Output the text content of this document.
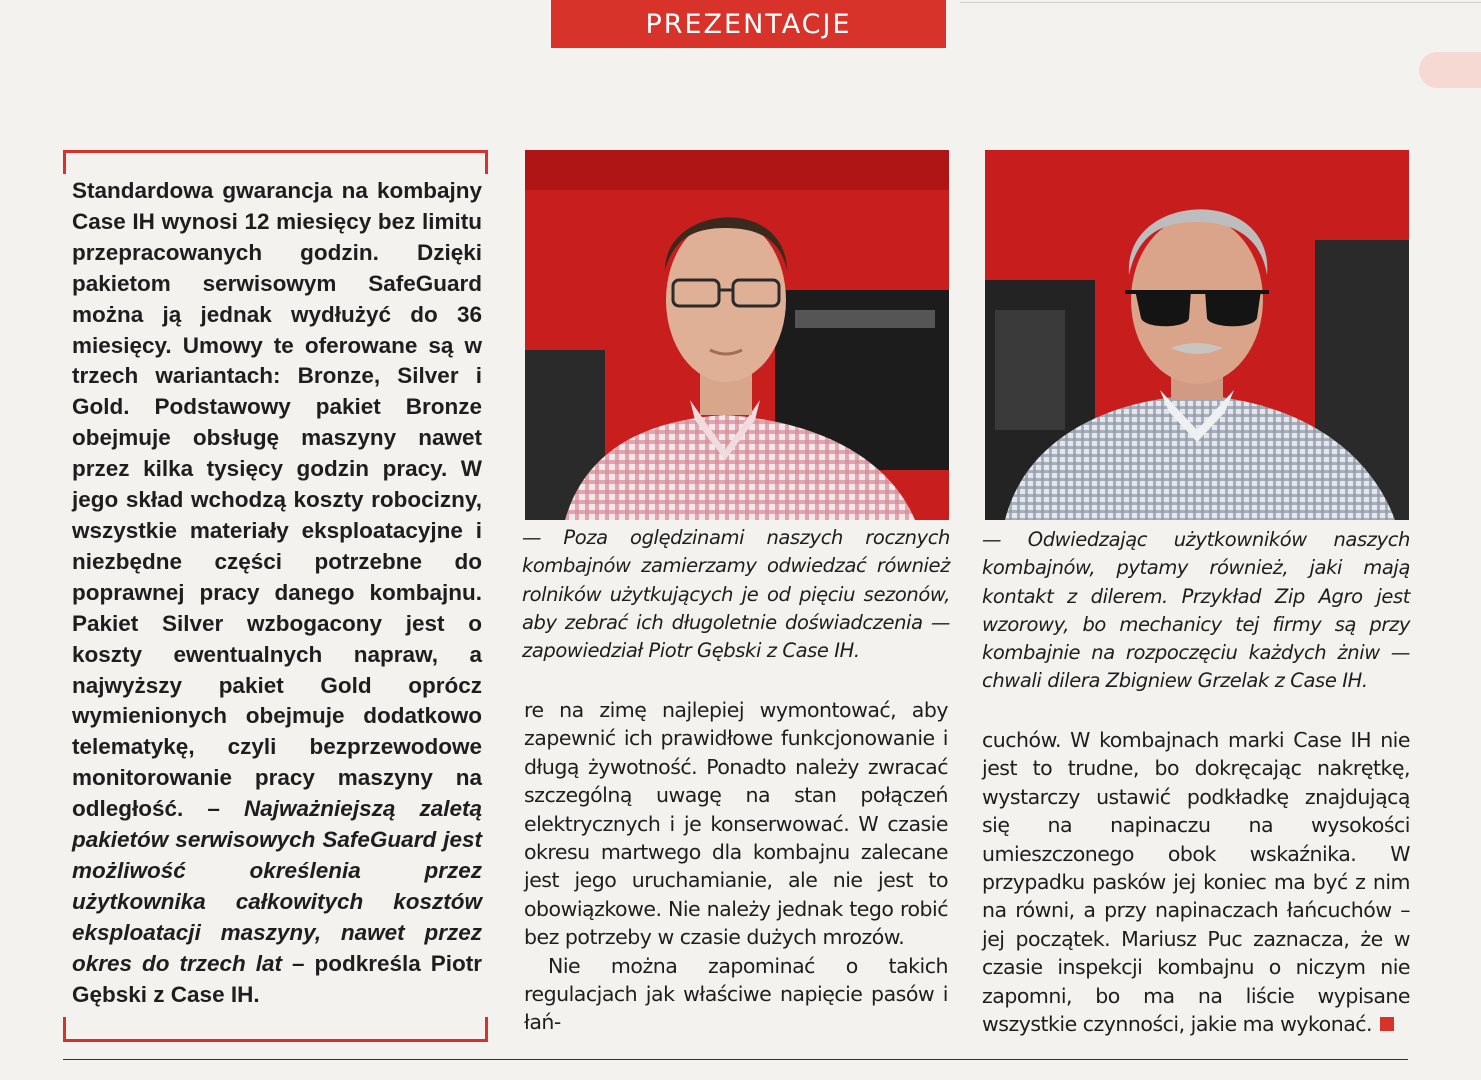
PREZENTACJE
Standardowa gwarancja na kombajny Case IH wynosi 12 miesięcy bez limitu przepracowanych godzin. Dzięki pakietom serwisowym SafeGuard można ją jednak wydłużyć do 36 miesięcy. Umowy te oferowane są w trzech wariantach: Bronze, Silver i Gold. Podstawowy pakiet Bronze obejmuje obsługę maszyny nawet przez kilka tysięcy godzin pracy. W jego skład wchodzą koszty robocizny, wszystkie materiały eksploatacyjne i niezbędne części potrzebne do poprawnej pracy danego kombajnu. Pakiet Silver wzbogacony jest o koszty ewentualnych napraw, a najwyższy pakiet Gold oprócz wymienionych obejmuje dodatkowo telematykę, czyli bezprzewodowe monitorowanie pracy maszyny na odległość. – Najważniejszą zaletą pakietów serwisowych SafeGuard jest możliwość określenia przez użytkownika całkowitych kosztów eksploatacji maszyny, nawet przez okres do trzech lat – podkreśla Piotr Gębski z Case IH.
— Poza oględzinami naszych rocznych kombajnów zamierzamy odwiedzać również rolników użytkujących je od pięciu sezonów, aby zebrać ich długoletnie doświadczenia — zapowiedział Piotr Gębski z Case IH.
— Odwiedzając użytkowników naszych kombajnów, pytamy również, jaki mają kontakt z dilerem. Przykład Zip Agro jest wzorowy, bo mechanicy tej firmy są przy kombajnie na rozpoczęciu każdych żniw — chwali dilera Zbigniew Grzelak z Case IH.

re na zimę najlepiej wymontować, aby zapewnić ich prawidłowe funkcjonowanie i długą żywotność. Ponadto należy zwracać szczególną uwagę na stan połączeń elektrycznych i je konserwować. W czasie okresu martwego dla kombajnu zalecane jest jego uruchamianie, ale nie jest to obowiązkowe. Nie należy jednak tego robić bez potrzeby w czasie dużych mrozów.

Nie można zapominać o takich regulacjach jak właściwe napięcie pasów i łań-

cuchów. W kombajnach marki Case IH nie jest to trudne, bo dokręcając nakrętkę, wystarczy ustawić podkładkę znajdującą się na napinaczu na wysokości umieszczonego obok wskaźnika. W przypadku pasków jej koniec ma być z nim na równi, a przy napinaczach łańcuchów – jej początek. Mariusz Puc zaznacza, że w czasie inspekcji kombajnu o niczym nie zapomni, bo ma na liście wypisane wszystkie czynności, jakie ma wykonać.
